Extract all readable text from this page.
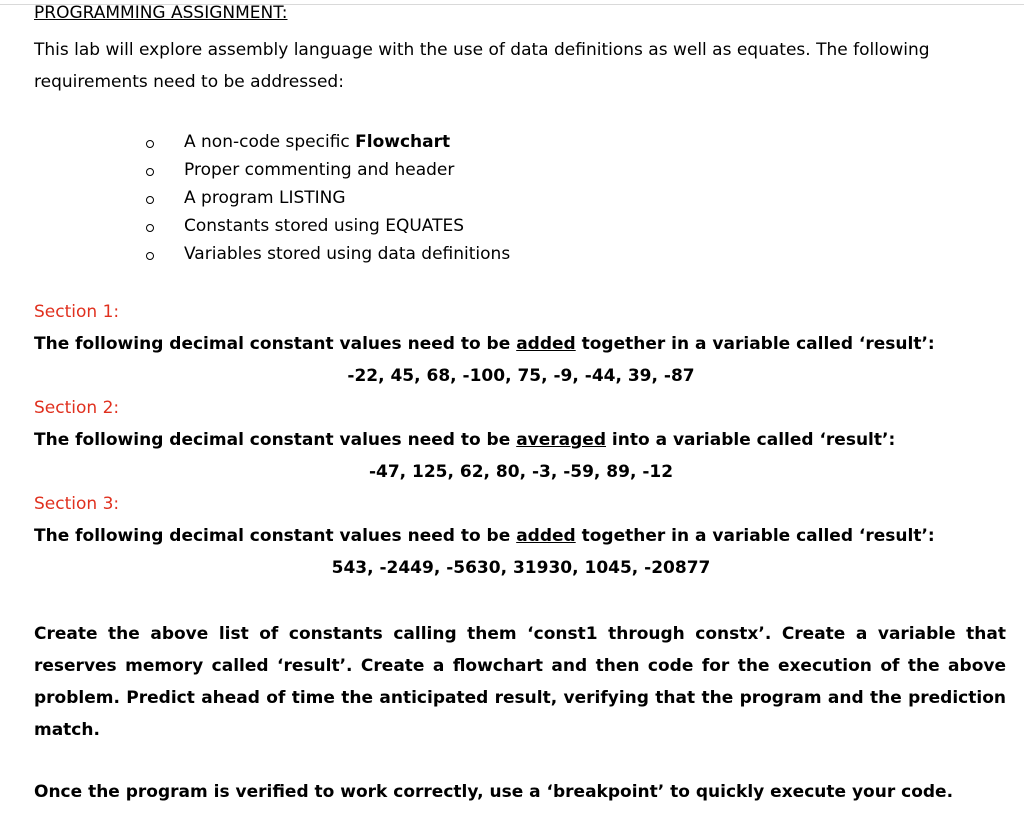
PROGRAMMING ASSIGNMENT:
This lab will explore assembly language with the use of data definitions as well as equates. The following requirements need to be addressed:
A non-code specific Flowchart
Proper commenting and header
A program LISTING
Constants stored using EQUATES
Variables stored using data definitions
Section 1:
The following decimal constant values need to be added together in a variable called ‘result’:
-22, 45, 68, -100, 75, -9, -44, 39, -87
Section 2:
The following decimal constant values need to be averaged into a variable called ‘result’:
-47, 125, 62, 80, -3, -59, 89, -12
Section 3:
The following decimal constant values need to be added together in a variable called ‘result’:
543, -2449, -5630, 31930, 1045, -20877
Create the above list of constants calling them ‘const1 through constx’. Create a variable that reserves memory called ‘result’. Create a flowchart and then code for the execution of the above problem. Predict ahead of time the anticipated result, verifying that the program and the prediction match.
Once the program is verified to work correctly, use a ‘breakpoint’ to quickly execute your code.
